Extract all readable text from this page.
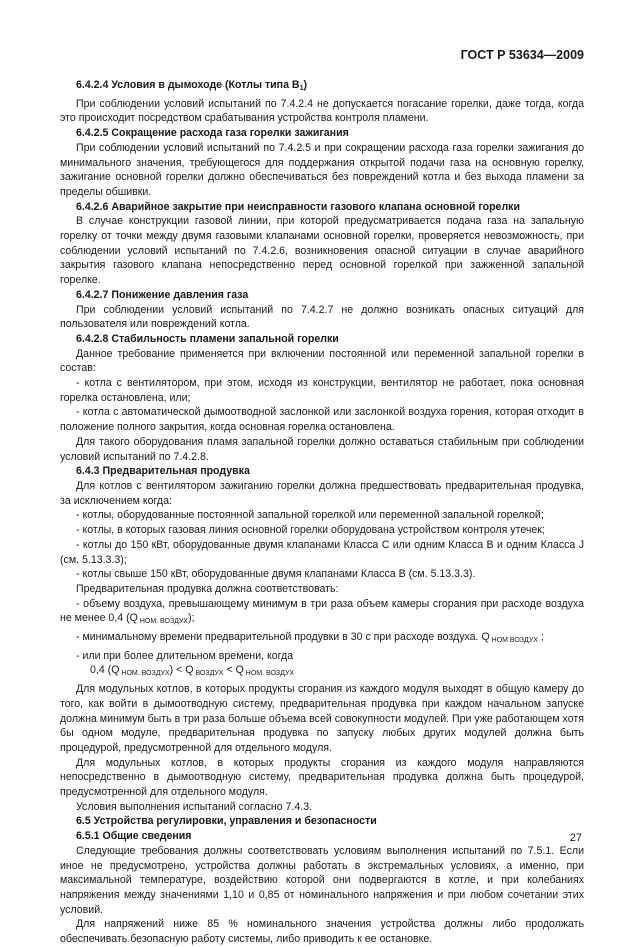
ГОСТ Р 53634—2009

6.4.2.4 Условия в дымоходе (Котлы типа $В_1$)

При соблюдении условий испытаний по 7.4.2.4 не допускается погасание горелки, даже тогда, когда это происходит посредством срабатывания устройства контроля пламени.

6.4.2.5 Сокращение расхода газа горелки зажигания

При соблюдении условий испытаний по 7.4.2.5 и при сокращении расхода газа горелки зажигания до минимального значения, требующегося для поддержания открытой подачи газа на основную горелку, зажигание основной горелки должно обеспечиваться без повреждений котла и без выхода пламени за пределы обшивки.

6.4.2.6 Аварийное закрытие при неисправности газового клапана основной горелки

В случае конструкции газовой линии, при которой предусматривается подача газа на запальную горелку от точки между двумя газовыми клапанами основной горелки, проверяется невозможность, при соблюдении условий испытаний по 7.4.2.6, возникновения опасной ситуации в случае аварийного закрытия газового клапана непосредственно перед основной горелкой при зажженной запальной горелке.

6.4.2.7 Понижение давления газа

При соблюдении условий испытаний по 7.4.2.7 не должно возникать опасных ситуаций для пользователя или повреждений котла.

6.4.2.8 Стабильность пламени запальной горелки

Данное требование применяется при включении постоянной или переменной запальной горелки в состав:

- котла с вентилятором, при этом, исходя из конструкции, вентилятор не работает, пока основная горелка остановлена, или;

- котла с автоматической дымоотводной заслонкой или заслонкой воздуха горения, которая отходит в положение полного закрытия, когда основная горелка остановлена.

Для такого оборудования пламя запальной горелки должно оставаться стабильным при соблюдении условий испытаний по 7.4.2.8.

6.4.3 Предварительная продувка

Для котлов с вентилятором зажиганию горелки должна предшествовать предварительная продувка, за исключением когда:

- котлы, оборудованные постоянной запальной горелкой или переменной запальной горелкой;

- котлы, в которых газовая линия основной горелки оборудована устройством контроля утечек;

- котлы до 150 кВт, оборудованные двумя клапанами Класса С или одним Класса В и одним Класса J (см. 5.13.3.3);

- котлы свыше 150 кВт, оборудованные двумя клапанами Класса В (см. 5.13.3.3).

Предварительная продувка должна соответствовать:

- объему воздуха, превышающему минимум в три раза объем камеры сгорания при расходе воздуха не менее 0,4 (Q $_{НОМ. ВОЗДУХ}$);

- минимальному времени предварительной продувки в 30 с при расходе воздуха. Q $_{НОМ ВОЗДУХ}$ ;

- или при более длительном времени, когда

0,4 (Q $_{НОМ. ВОЗДУХ}$) < Q $_{ВОЗДУХ}$ < Q $_{НОМ. ВОЗДУХ}$

Для модульных котлов, в которых продукты сгорания из каждого модуля выходят в общую камеру до того, как войти в дымоотводную систему, предварительная продувка при каждом начальном запуске должна минимум быть в три раза больше объема всей совокупности модулей. При уже работающем хотя бы одном модуле, предварительная продувка по запуску любых других модулей должна быть процедурой, предусмотренной для отдельного модуля.

Для модульных котлов, в которых продукты сгорания из каждого модуля направляются непосредственно в дымоотводную систему, предварительная продувка должна быть процедурой, предусмотренной для отдельного модуля.

Условия выполнения испытаний согласно 7.4.3.

6.5 Устройства регулировки, управления и безопасности

6.5.1 Общие сведения

Следующие требования должны соответствовать условиям выполнения испытаний по 7.5.1. Если иное не предусмотрено, устройства должны работать в экстремальных условиях, а именно, при максимальной температуре, воздействию которой они подвергаются в котле, и при колебаниях напряжения между значениями 1,10 и 0,85 от номинального напряжения и при любом сочетании этих условий.

Для напряжений ниже 85 % номинального значения устройства должны либо продолжать обеспечивать безопасную работу системы, либо приводить к ее остановке.

27
